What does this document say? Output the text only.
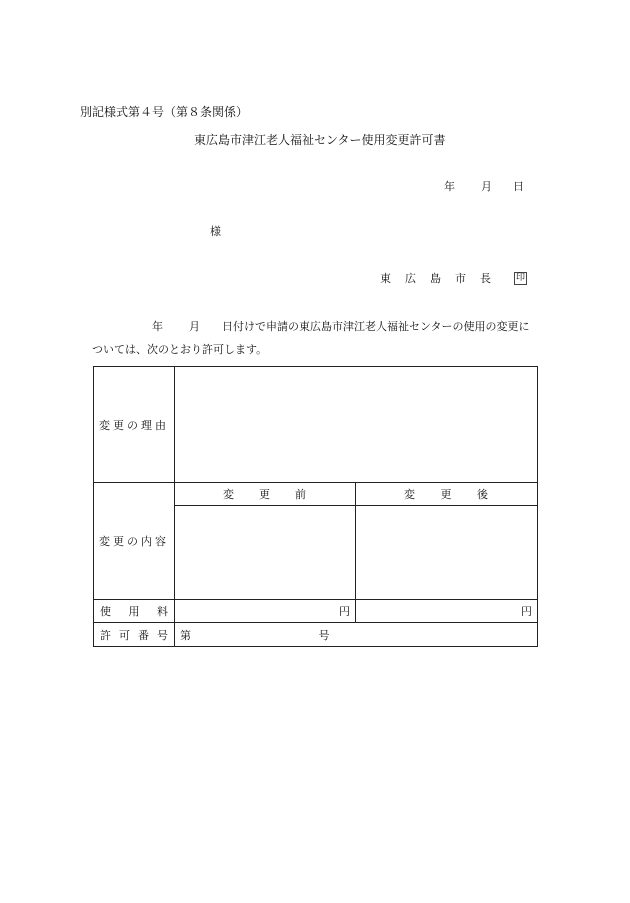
別記様式第４号（第８条関係）
東広島市津江老人福祉センター使用変更許可書
年 月 日
様
東 広 島 市 長	印
年 月 日付けで申請の東広島市津江老人福祉センターの使用の変更に
ついては、次のとおり許可します。
変更の理由		
変更の内容	変 更 前	変 更 後

使 用 料	円	円

許 可 番 号	第 号	
